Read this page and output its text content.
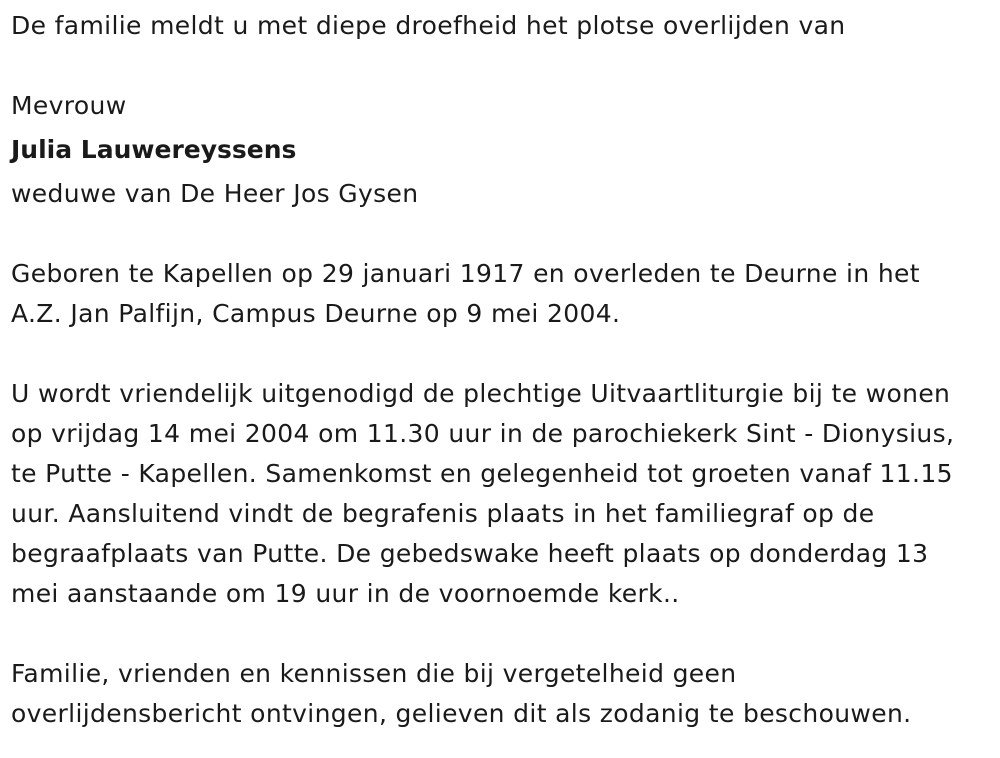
De familie meldt u met diepe droefheid het plotse overlijden van
Mevrouw
Julia Lauwereyssens
weduwe van De Heer Jos Gysen
Geboren te Kapellen op 29 januari 1917 en overleden te Deurne in het
A.Z. Jan Palfijn, Campus Deurne op 9 mei 2004.
U wordt vriendelijk uitgenodigd de plechtige Uitvaartliturgie bij te wonen
op vrijdag 14 mei 2004 om 11.30 uur in de parochiekerk Sint - Dionysius,
te Putte - Kapellen. Samenkomst en gelegenheid tot groeten vanaf 11.15
uur. Aansluitend vindt de begrafenis plaats in het familiegraf op de
begraafplaats van Putte. De gebedswake heeft plaats op donderdag 13
mei aanstaande om 19 uur in de voornoemde kerk..
Familie, vrienden en kennissen die bij vergetelheid geen
overlijdensbericht ontvingen, gelieven dit als zodanig te beschouwen.
